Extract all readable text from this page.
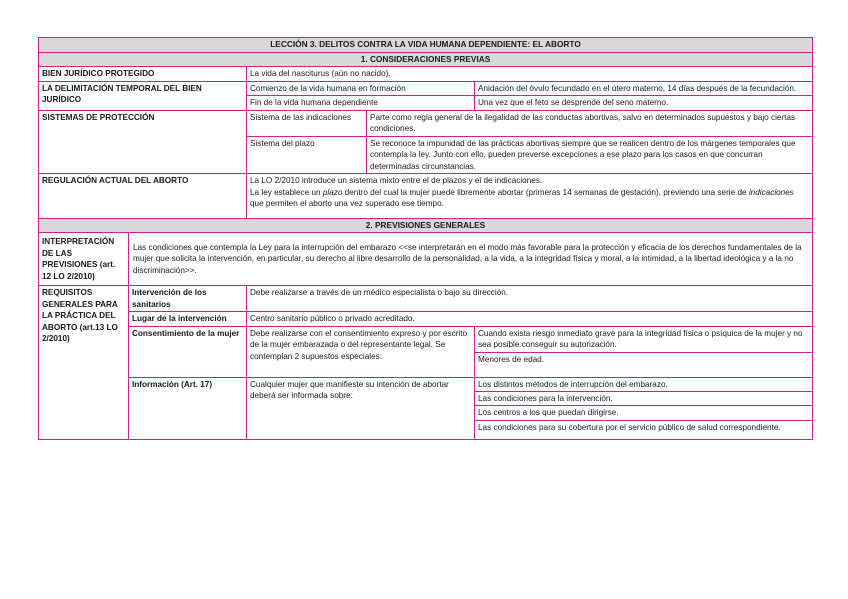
LECCIÓN 3. DELITOS CONTRA LA VIDA HUMANA DEPENDIENTE: EL ABORTO				
1. CONSIDERACIONES PREVIAS				
BIEN JURÍDICO PROTEGIDO		La vida del nasciturus (aún no nacido).		
LA DELIMITACIÓN TEMPORAL DEL BIEN JURÍDICO		Comienzo de la vida humana en formación		Anidación del óvulo fecundado en el útero materno, 14 días después de la fecundación.
		Fin de la vida humana dependiente		Una vez que el feto se desprende del seno materno.
SISTEMAS DE PROTECCIÓN		Sistema de las indicaciones	Parte como regla general de la ilegalidad de las conductas abortivas, salvo en determinados supuestos y bajo ciertas condiciones.	
		Sistema del plazo	Se reconoce la impunidad de las prácticas abortivas siempre que se realicen dentro de los márgenes temporales que contempla la ley. Junto con ello, pueden preverse excepciones a ese plazo para los casos en que concurran determinadas circunstancias.	
REGULACIÓN ACTUAL DEL ABORTO		La LO 2/2010 introduce un sistema mixto entre el de plazos y el de indicaciones.
La ley establece un plazo dentro del cual la mujer puede libremente abortar (primeras 14 semanas de gestación), previendo una serie de indicaciones que permiten el aborto una vez superado ese tiempo.		

2. PREVISIONES GENERALES				
INTERPRETACIÓN DE LAS PREVISIONES (art. 12 LO 2/2010)	Las condiciones que contempla la Ley para la interrupción del embarazo <<se interpretarán en el modo más favorable para la protección y eficacia de los derechos fundamentales de la mujer que solicita la intervención, en particular, su derecho al libre desarrollo de la personalidad, a la vida, a la integridad física y moral, a la intimidad, a la libertad ideológica y a la no discriminación>>.			
REQUISITOS GENERALES PARA LA PRÁCTICA DEL ABORTO (art.13 LO 2/2010)	Intervención de los sanitarios	Debe realizarse a través de un médico especialista o bajo su dirección.		
	Lugar de la intervención	Centro sanitario público o privado acreditado.		
	Consentimiento de la mujer	Debe realizarse con el consentimiento expreso y por escrito de la mujer embarazada o del representante legal. Se contemplan 2 supuestos especiales:		Cuando exista riesgo inmediato grave para la integridad física o psíquica de la mujer y no sea posible conseguir su autorización.
				Menores de edad.
	Información (Art. 17)	Cualquier mujer que manifieste su intención de abortar deberá ser informada sobre:		Los distintos métodos de interrupción del embarazo.
				Las condiciones para la intervención.
				Los centros a los que puedan dirigirse.
				Las condiciones para su cobertura por el servicio público de salud correspondiente.
